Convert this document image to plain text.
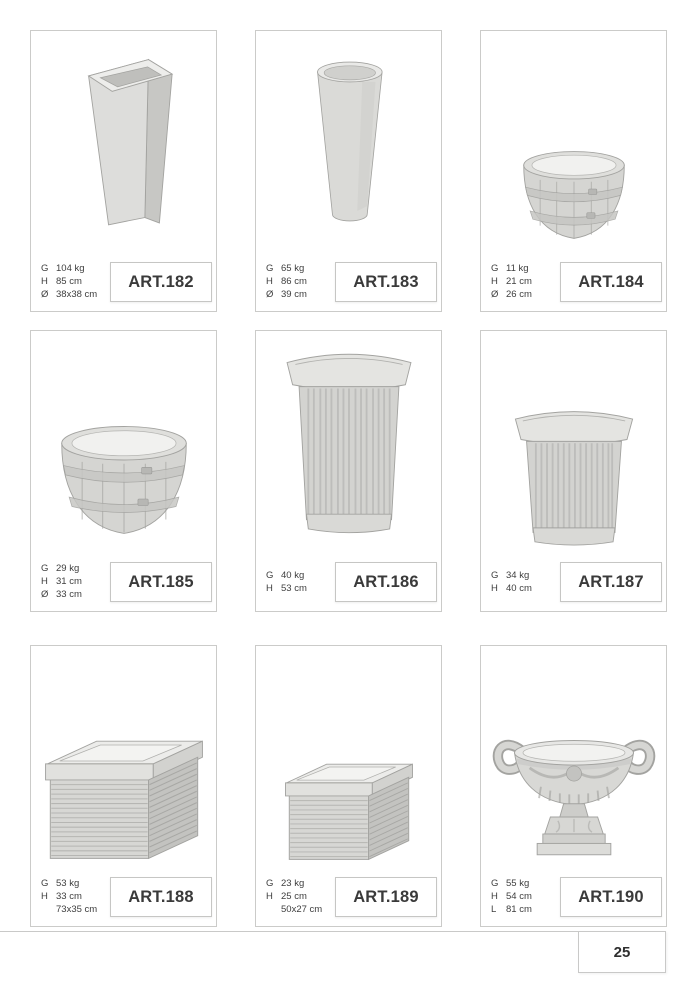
G 104 kg
H 85 cm
Ø 38x38 cm
ART.182
G 65 kg
H 86 cm
Ø 39 cm
ART.183
G 11 kg
H 21 cm
Ø 26 cm
ART.184
G 29 kg
H 31 cm
Ø 33 cm
ART.185	G 40 kg
H 53 cm	ART.186	G 34 kg
H 40 cm	ART.187
G 53 kg
H 33 cm
73x35 cm
ART.188
G 23 kg
H 25 cm
50x27 cm
ART.189
G 55 kg
H 54 cm
L	81 cm
ART.190
25
